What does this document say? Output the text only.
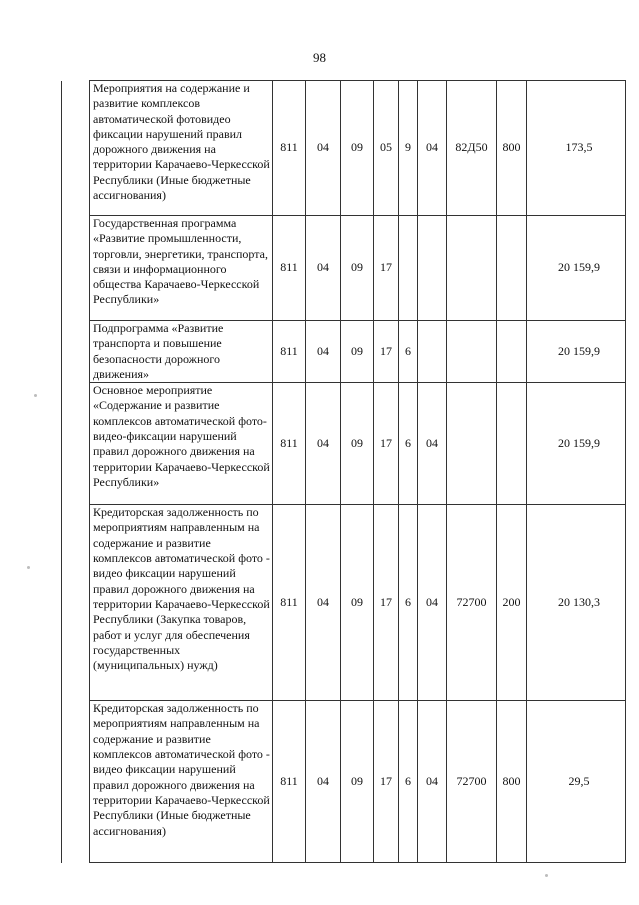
98
	Мероприятия на содержание и развитие комплексов автоматической фотовидео фиксации нарушений правил дорожного движения на территории Карачаево-Черкесской Республики (Иные бюджетные ассигнования)	811	04	09	05	9	04	82Д50	800	173,5
	Государственная программа «Развитие промышленности, торговли, энергетики, транспорта, связи и информационного общества Карачаево-Черкесской Республики»	811	04	09	17					20 159,9
	Подпрограмма «Развитие транспорта и повышение безопасности дорожного движения»	811	04	09	17	6				20 159,9
	Основное мероприятие «Содержание и развитие комплексов автоматической фото-видео-фиксации нарушений правил дорожного движения на территории Карачаево-Черкесской Республики»	811	04	09	17	6	04			20 159,9
	Кредиторская задолженность по мероприятиям направленным на содержание и развитие комплексов автоматической фото - видео фиксации нарушений правил дорожного движения на территории Карачаево-Черкесской Республики (Закупка товаров, работ и услуг для обеспечения государственных (муниципальных) нужд)	811	04	09	17	6	04	72700	200	20 130,3
	Кредиторская задолженность по мероприятиям направленным на содержание и развитие комплексов автоматической фото - видео фиксации нарушений правил дорожного движения на территории Карачаево-Черкесской Республики (Иные бюджетные ассигнования)	811	04	09	17	6	04	72700	800	29,5
